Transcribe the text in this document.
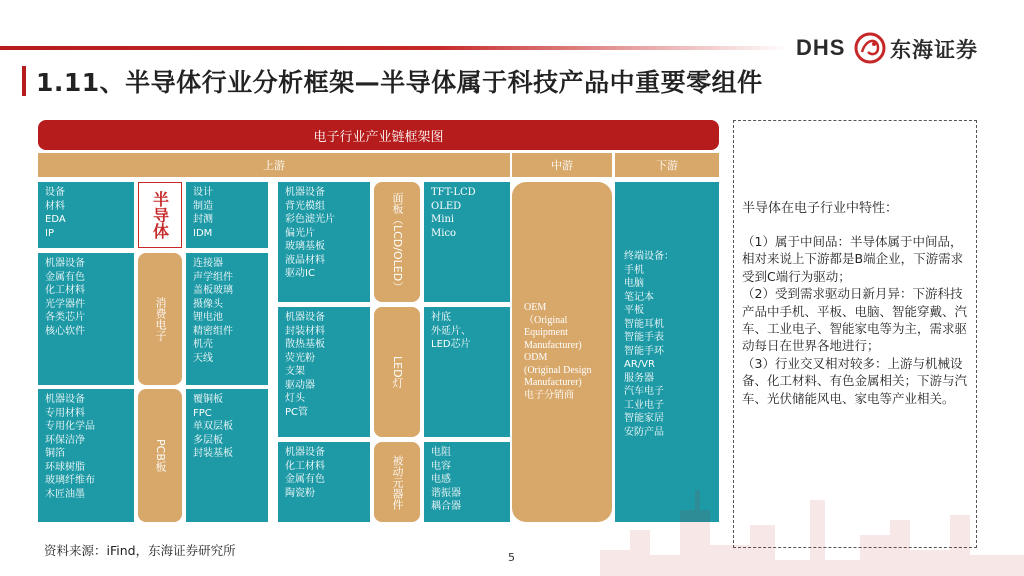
DHS 东海证券
1.11、半导体行业分析框架—半导体属于科技产品中重要零组件
电子行业产业链框架图
上游	中游	下游
设备
材料
EDA
IP
机器设备
金属有色
化工材料
光学器件
各类芯片
核心软件
机器设备
专用材料
专用化学品
环保洁净
铜箔
环球树脂
玻璃纤维布
木匠油墨
半导体
消费电子
PCB板
设计
制造
封测
IDM
连接器
声学组件
盖板玻璃
摄像头
锂电池
精密组件
机壳
天线
覆铜板
FPC
单双层板
多层板
封装基板
机器设备
背光模组
彩色滤光片
偏光片
玻璃基板
液晶材料
驱动IC
机器设备
封装材料
散热基板
荧光粉
支架
驱动器
灯头
PC管
机器设备
化工材料
金属有色
陶瓷粉
面板（LCD/OLED）
LED灯
被动元器件
TFT-LCD
OLED
Mini
Mico
衬底
外延片、
LED芯片
电阻
电容
电感
谐振器
耦合器
OEM
（Original
Equipment
Manufacturer)
ODM
(Original Design
Manufacturer)
电子分销商
终端设备：
手机
电脑
笔记本
平板
智能耳机
智能手表
智能手环
AR/VR
服务器
汽车电子
工业电子
智能家居
安防产品
半导体在电子行业中特性：
（1）属于中间品：半导体属于中间品，相对来说上下游都是B端企业，下游需求受到C端行为驱动；
（2）受到需求驱动日新月异：下游科技产品中手机、平板、电脑、智能穿戴、汽车、工业电子、智能家电等为主，需求驱动每日在世界各地进行；
（3）行业交叉相对较多：上游与机械设备、化工材料、有色金属相关；下游与汽车、光伏储能风电、家电等产业相关。
资料来源：iFind，东海证券研究所	5
